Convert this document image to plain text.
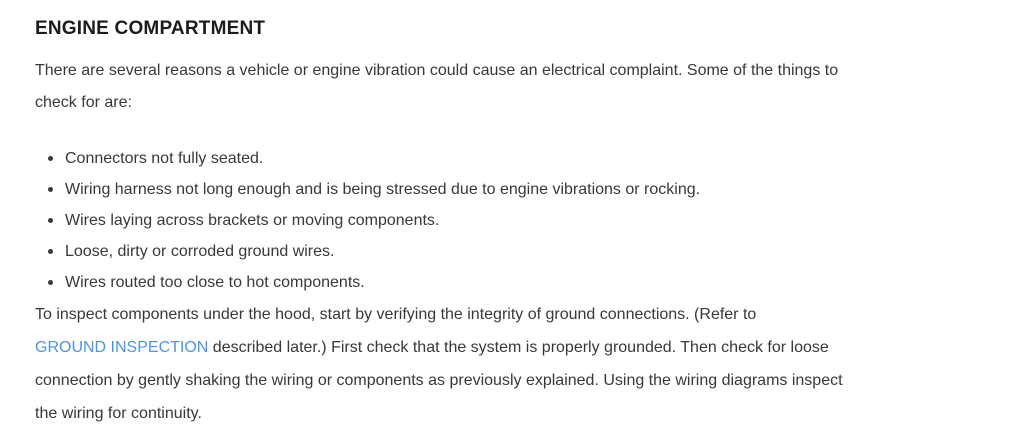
ENGINE COMPARTMENT

There are several reasons a vehicle or engine vibration could cause an electrical complaint. Some of the things to
check for are:

Connectors not fully seated.
Wiring harness not long enough and is being stressed due to engine vibrations or rocking.
Wires laying across brackets or moving components.
Loose, dirty or corroded ground wires.
Wires routed too close to hot components.

To inspect components under the hood, start by verifying the integrity of ground connections. (Refer to
GROUND INSPECTION described later.) First check that the system is properly grounded. Then check for loose
connection by gently shaking the wiring or components as previously explained. Using the wiring diagrams inspect
the wiring for continuity.
